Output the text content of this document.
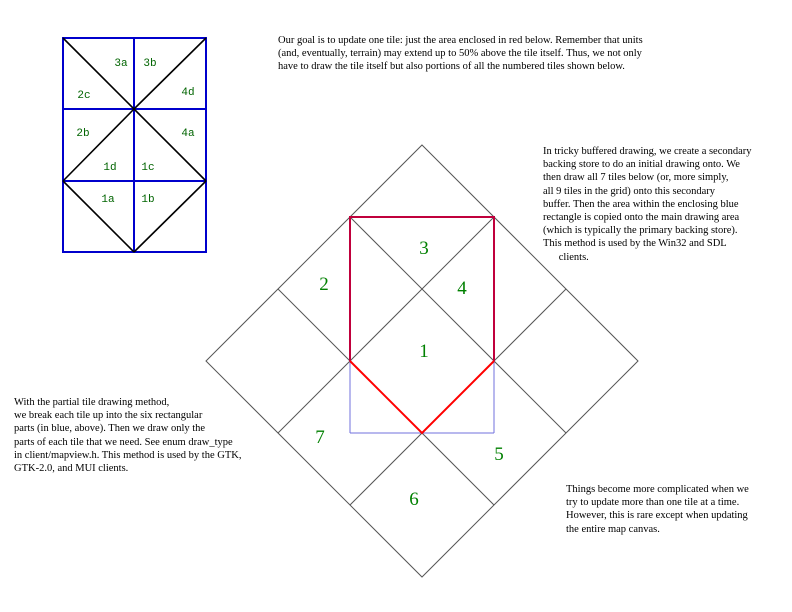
3a 3b
2c	4d
2b	4a
1d 1c
1a 1b
1
2
3
4
5
6
7

Our goal is to update one tile: just the area enclosed in red below. Remember that units
(and, eventually, terrain) may extend up to 50% above the tile itself. Thus, we not only
have to draw the tile itself but also portions of all the numbered tiles shown below.

In tricky buffered drawing, we create a secondary
backing store to do an initial drawing onto. We
then draw all 7 tiles below (or, more simply,
all 9 tiles in the grid) onto this secondary
buffer. Then the area within the enclosing blue
rectangle is copied onto the main drawing area
(which is typically the primary backing store).
This method is used by the Win32 and SDL
clients.

With the partial tile drawing method,
we break each tile up into the six rectangular
parts (in blue, above). Then we draw only the
parts of each tile that we need. See enum draw_type
in client/mapview.h. This method is used by the GTK,
GTK-2.0, and MUI clients.

Things become more complicated when we
try to update more than one tile at a time.
However, this is rare except when updating
the entire map canvas.
